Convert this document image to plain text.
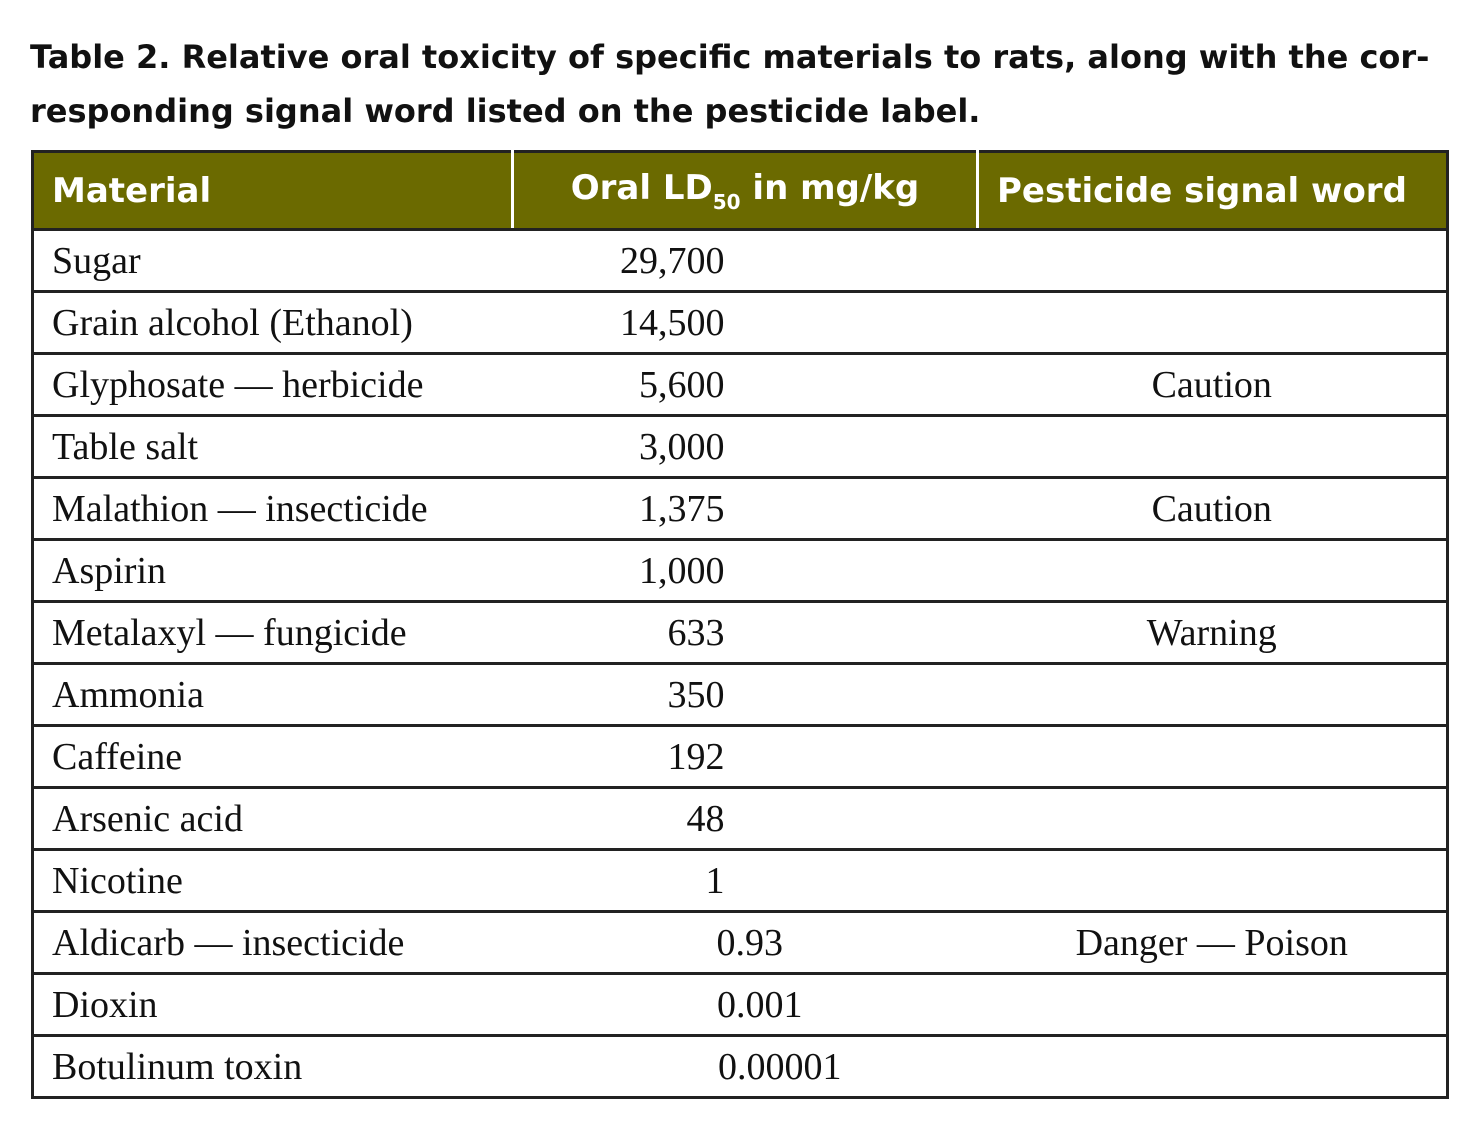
Table 2. Relative oral toxicity of specific materials to rats, along with the cor-
responding signal word listed on the pesticide label.
Material	Oral $LD_{50}$ in mg/kg	Pesticide signal word
Sugar	29,700	
Grain alcohol (Ethanol)	14,500	
Glyphosate — herbicide	5,600	Caution
Table salt	3,000	
Malathion — insecticide	1,375	Caution
Aspirin	1,000	
Metalaxyl — fungicide	633	Warning
Ammonia	350	
Caffeine	192	
Arsenic acid	48	
Nicotine	1	
Aldicarb — insecticide	0.93	Danger — Poison
Dioxin	0.001	
Botulinum toxin	0.00001	
